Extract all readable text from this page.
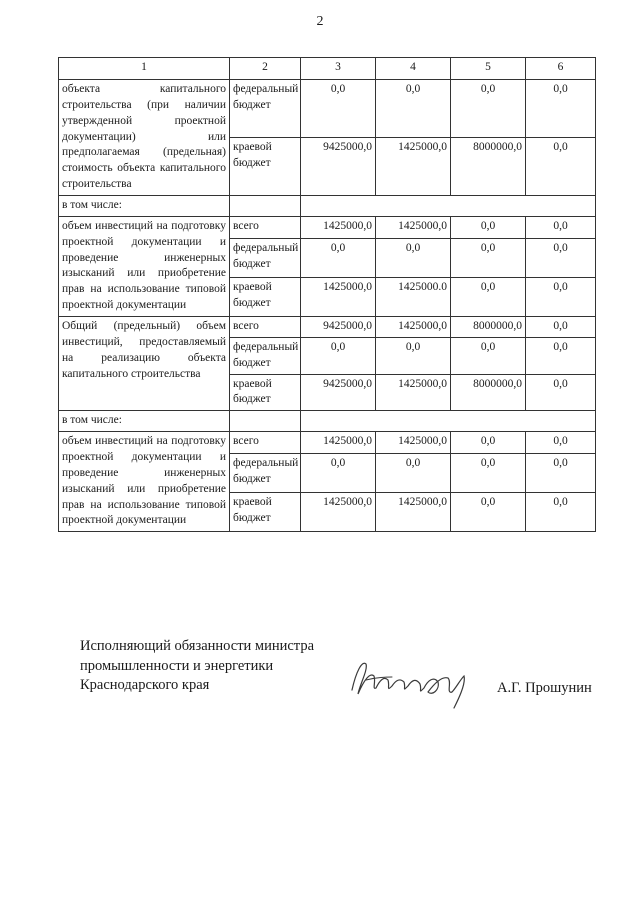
2
1	2	3	4	5	6
объекта капитального строительства (при наличии утвержденной проектной документации) или предполагаемая (предельная) стоимость объекта капитального строительства	федеральный бюджет	0,0	0,0	0,0	0,0
	краевой бюджет	9425000,0	1425000,0	8000000,0	0,0
в том числе:					
объем инвестиций на подготовку проектной документации и проведение инженерных изысканий или приобретение прав на использование типовой проектной документации	всего	1425000,0	1425000,0	0,0	0,0
	федеральный бюджет	0,0	0,0	0,0	0,0
	краевой бюджет	1425000,0	1425000.0	0,0	0,0
Общий (предельный) объем инвестиций, предоставляемый на реализацию объекта капитального строительства	всего	9425000,0	1425000,0	8000000,0	0,0
	федеральный бюджет	0,0	0,0	0,0	0,0
	краевой бюджет	9425000,0	1425000,0	8000000,0	0,0
в том числе:					
объем инвестиций на подготовку проектной документации и проведение инженерных изысканий или приобретение прав на использование типовой проектной документации	всего	1425000,0	1425000,0	0,0	0,0
	федеральный бюджет	0,0	0,0	0,0	0,0
	краевой бюджет	1425000,0	1425000,0	0,0	0,0
Исполняющий обязанности министра
промышленности и энергетики
Краснодарского края	А.Г. Прошунин
